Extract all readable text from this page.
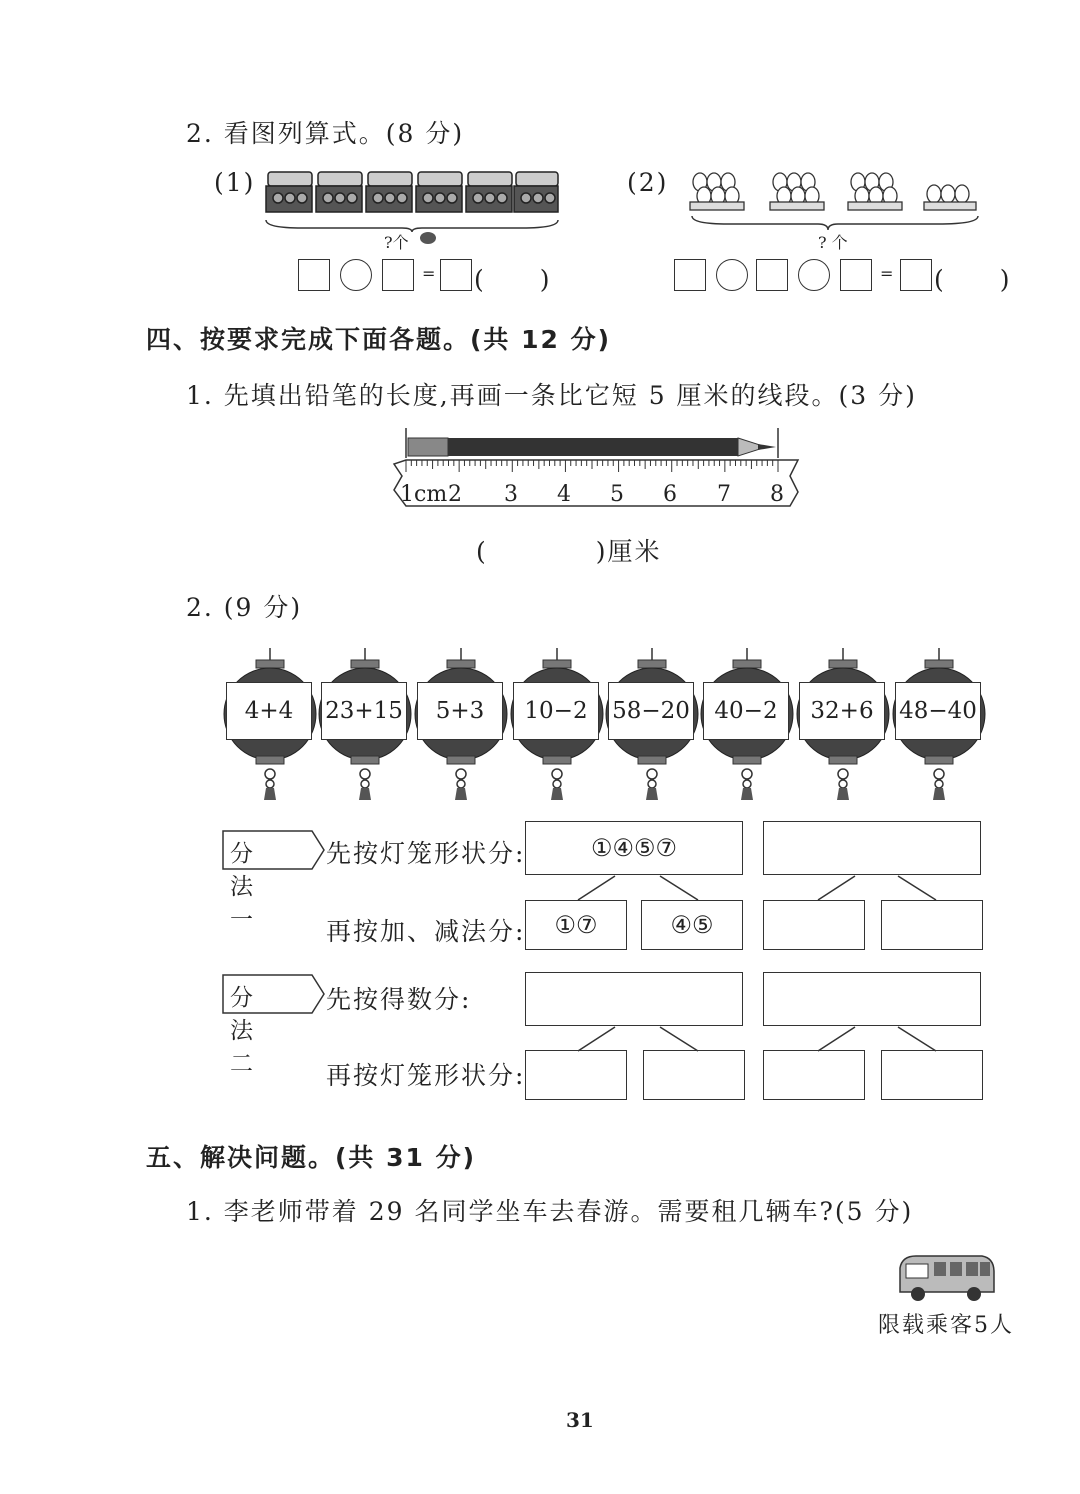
2. 看图列算式。(8 分)
(1)
?个
= (　　)
(2)
? 个
= (　　)
四、按要求完成下面各题。(共 12 分)
1. 先填出铅笔的长度,再画一条比它短 5 厘米的线段。(3 分)
1cm 2 3 4 5 6 7 8
(　　　　)厘米
2. (9 分)
4+4	23+15	5+3	10−2	58−20	40−2	32+6	48−40
分法一
先按灯笼形状分:
再按加、减法分:
①④⑤⑦
①⑦	④⑤
分法二
先按得数分:
再按灯笼形状分:
五、解决问题。(共 31 分)
1. 李老师带着 29 名同学坐车去春游。需要租几辆车?(5 分)
限载乘客5人
31
